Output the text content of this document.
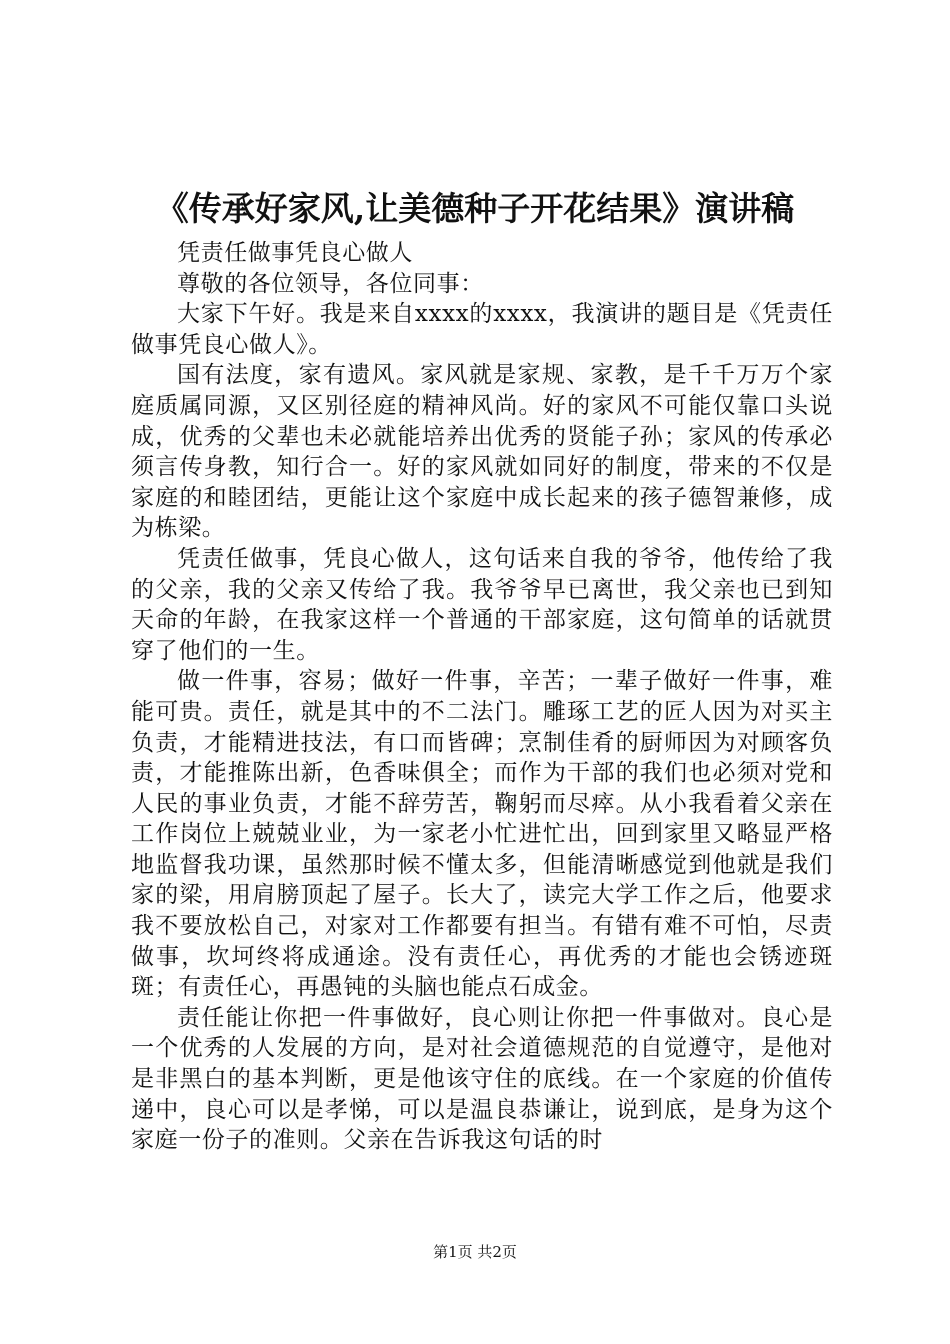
《传承好家风,让美德种子开花结果》演讲稿

凭责任做事凭良心做人

尊敬的各位领导，各位同事：

大家下午好。我是来自xxxx的xxxx，我演讲的题目是《凭责任做事凭良心做人》。

国有法度，家有遗风。家风就是家规、家教，是千千万万个家庭质属同源，又区别径庭的精神风尚。好的家风不可能仅靠口头说成，优秀的父辈也未必就能培养出优秀的贤能子孙；家风的传承必须言传身教，知行合一。好的家风就如同好的制度，带来的不仅是家庭的和睦团结，更能让这个家庭中成长起来的孩子德智兼修，成为栋梁。

凭责任做事，凭良心做人，这句话来自我的爷爷，他传给了我的父亲，我的父亲又传给了我。我爷爷早已离世，我父亲也已到知天命的年龄，在我家这样一个普通的干部家庭，这句简单的话就贯穿了他们的一生。

做一件事，容易；做好一件事，辛苦；一辈子做好一件事，难能可贵。责任，就是其中的不二法门。雕琢工艺的匠人因为对买主负责，才能精进技法，有口而皆碑；烹制佳肴的厨师因为对顾客负责，才能推陈出新，色香味俱全；而作为干部的我们也必须对党和人民的事业负责，才能不辞劳苦，鞠躬而尽瘁。从小我看着父亲在工作岗位上兢兢业业，为一家老小忙进忙出，回到家里又略显严格地监督我功课，虽然那时候不懂太多，但能清晰感觉到他就是我们家的梁，用肩膀顶起了屋子。长大了，读完大学工作之后，他要求我不要放松自己，对家对工作都要有担当。有错有难不可怕，尽责做事，坎坷终将成通途。没有责任心，再优秀的才能也会锈迹斑斑；有责任心，再愚钝的头脑也能点石成金。

责任能让你把一件事做好，良心则让你把一件事做对。良心是一个优秀的人发展的方向，是对社会道德规范的自觉遵守，是他对是非黑白的基本判断，更是他该守住的底线。在一个家庭的价值传递中，良心可以是孝悌，可以是温良恭谦让，说到底，是身为这个家庭一份子的准则。父亲在告诉我这句话的时

第1页 共2页
